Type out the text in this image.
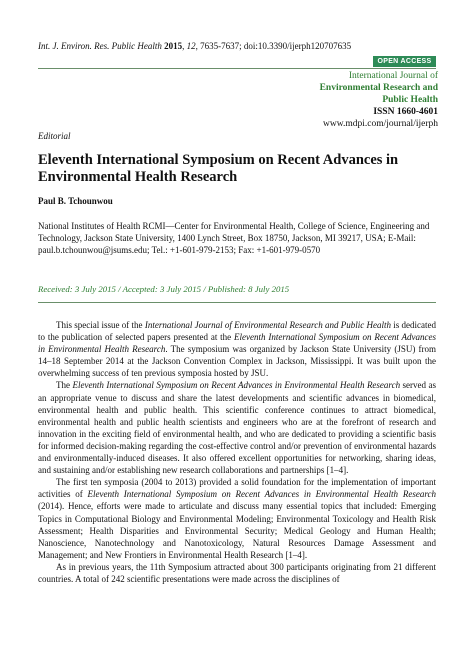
Int. J. Environ. Res. Public Health 2015, 12, 7635-7637; doi:10.3390/ijerph120707635
OPEN ACCESS
International Journal of
Environmental Research and
Public Health
ISSN 1660-4601
www.mdpi.com/journal/ijerph
Editorial
Eleventh International Symposium on Recent Advances in Environmental Health Research
Paul B. Tchounwou
National Institutes of Health RCMI—Center for Environmental Health, College of Science, Engineering and Technology, Jackson State University, 1400 Lynch Street, Box 18750, Jackson, MI 39217, USA; E-Mail: paul.b.tchounwou@jsums.edu; Tel.: +1-601-979-2153; Fax: +1-601-979-0570
Received: 3 July 2015 / Accepted: 3 July 2015 / Published: 8 July 2015

This special issue of the International Journal of Environmental Research and Public Health is dedicated to the publication of selected papers presented at the Eleventh International Symposium on Recent Advances in Environmental Health Research. The symposium was organized by Jackson State University (JSU) from 14–18 September 2014 at the Jackson Convention Complex in Jackson, Mississippi. It was built upon the overwhelming success of ten previous symposia hosted by JSU.

The Eleventh International Symposium on Recent Advances in Environmental Health Research served as an appropriate venue to discuss and share the latest developments and scientific advances in biomedical, environmental health and public health. This scientific conference continues to attract biomedical, environmental health and public health scientists and engineers who are at the forefront of research and innovation in the exciting field of environmental health, and who are dedicated to providing a scientific basis for informed decision-making regarding the cost-effective control and/or prevention of environmental hazards and environmentally-induced diseases. It also offered excellent opportunities for networking, sharing ideas, and sustaining and/or establishing new research collaborations and partnerships [1–4].

The first ten symposia (2004 to 2013) provided a solid foundation for the implementation of important activities of Eleventh International Symposium on Recent Advances in Environmental Health Research (2014). Hence, efforts were made to articulate and discuss many essential topics that included: Emerging Topics in Computational Biology and Environmental Modeling; Environmental Toxicology and Health Risk Assessment; Health Disparities and Environmental Security; Medical Geology and Human Health; Nanoscience, Nanotechnology and Nanotoxicology, Natural Resources Damage Assessment and Management; and New Frontiers in Environmental Health Research [1–4].

As in previous years, the 11th Symposium attracted about 300 participants originating from 21 different countries. A total of 242 scientific presentations were made across the disciplines of
